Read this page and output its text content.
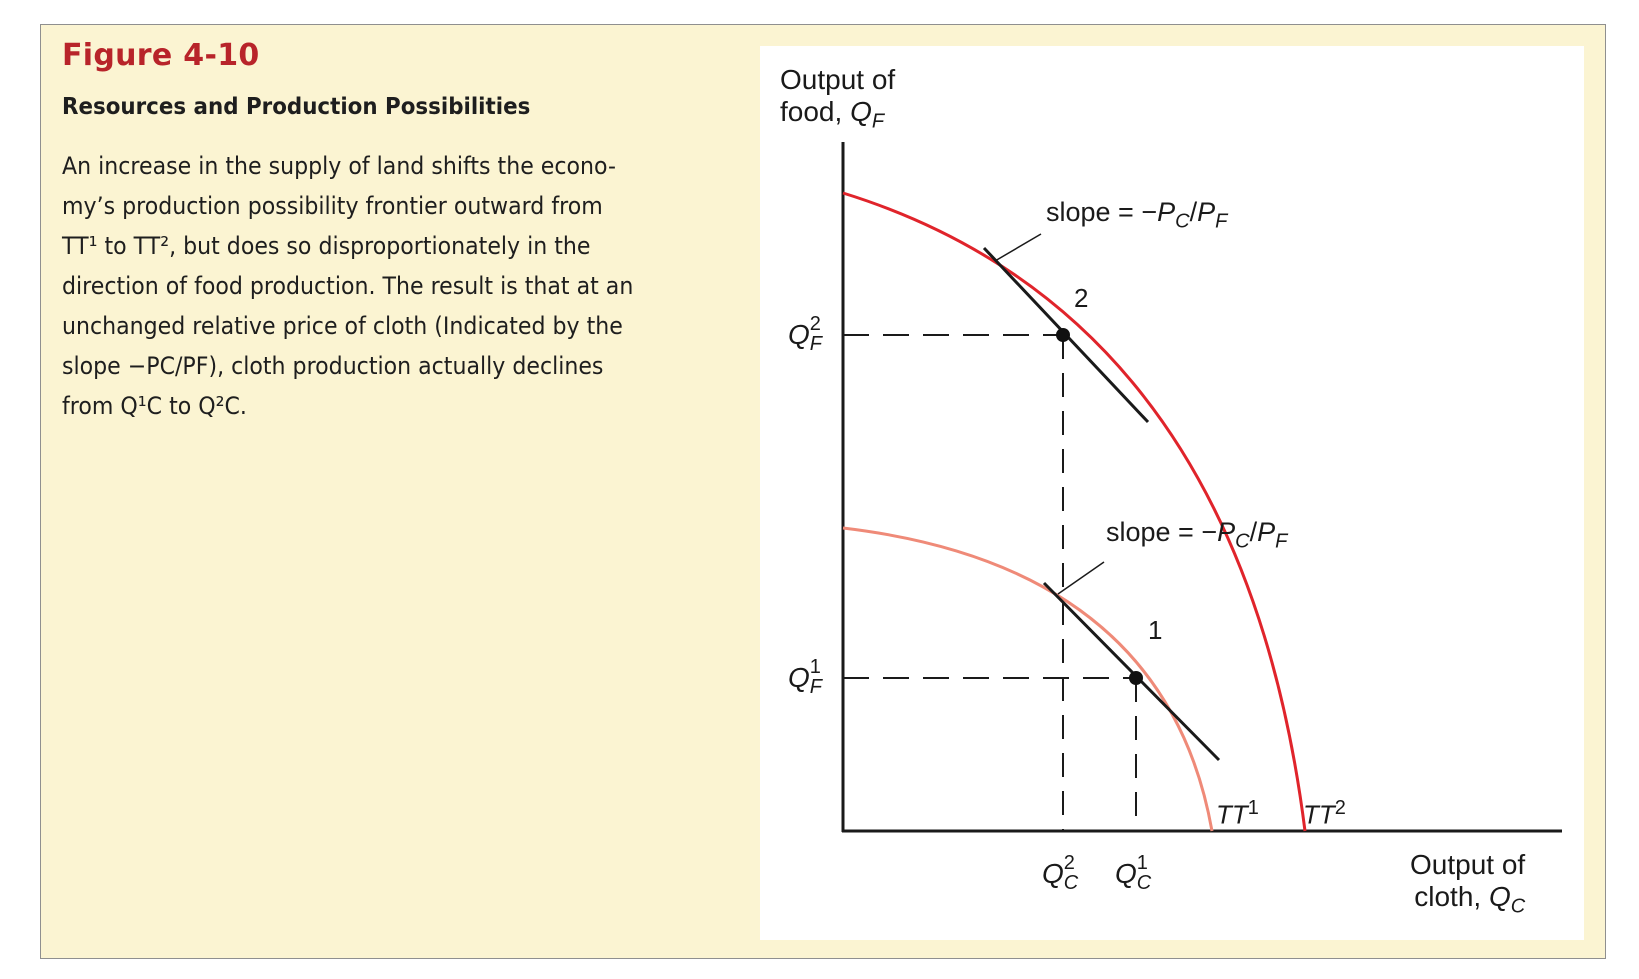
Figure 4-10
Resources and Production Possibilities
An increase in the supply of land shifts the econo-
my’s production possibility frontier outward from
TT¹ to TT², but does so disproportionately in the
direction of food production. The result is that at an
unchanged relative price of cloth (Indicated by the
slope −PC/PF), cloth production actually declines
from Q¹C to Q²C.
Output of
food, $Q_F$
Output of
cloth, $Q_C$
Q 2
F
Q 1
F
Q 2
C Q 1
C
2
1
slope = $-P_C/P_F$
slope = $-P_C/P_F$
$TT^1$ $TT^2$
